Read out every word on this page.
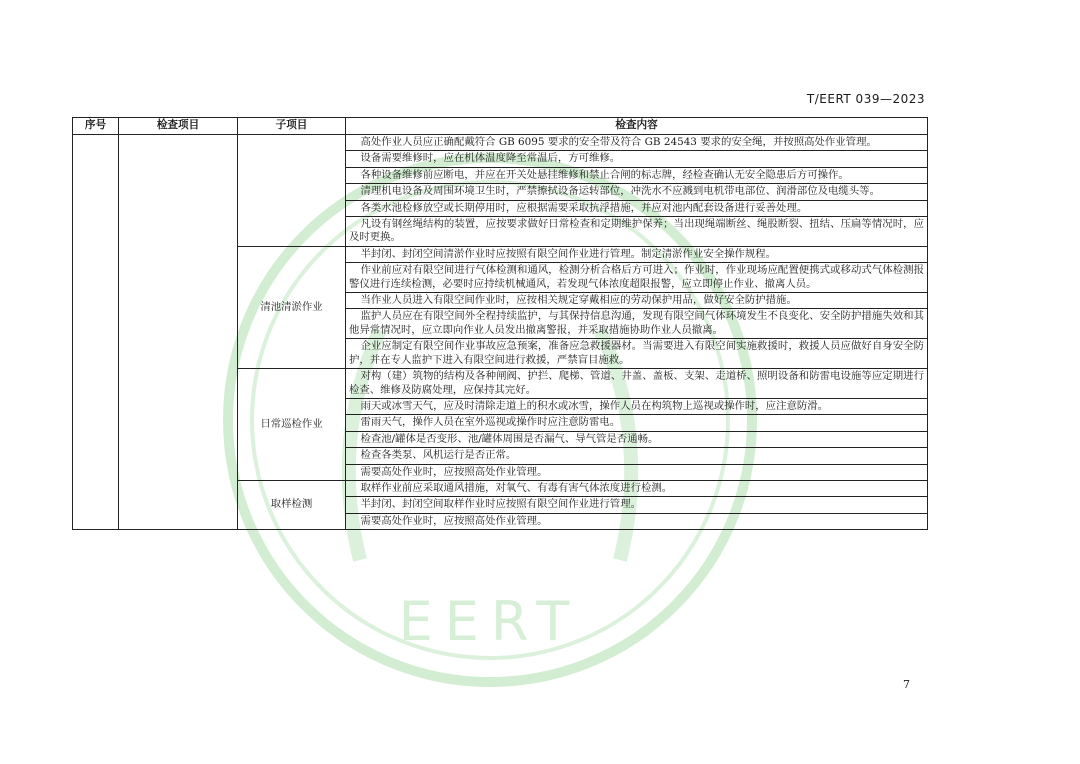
EERT
T/EERT 039—2023
序号	检查项目	子项目	检查内容
			高处作业人员应正确配戴符合 GB 6095 要求的安全带及符合 GB 24543 要求的安全绳，并按照高处作业管理。
			设备需要维修时，应在机体温度降至常温后，方可维修。
			各种设备维修前应断电，并应在开关处悬挂维修和禁止合闸的标志牌，经检查确认无安全隐患后方可操作。
			清理机电设备及周围环境卫生时，严禁擦拭设备运转部位，冲洗水不应溅到电机带电部位、润滑部位及电缆头等。
			各类水池检修放空或长期停用时，应根据需要采取抗浮措施，并应对池内配套设备进行妥善处理。
			凡设有钢丝绳结构的装置，应按要求做好日常检查和定期维护保养；当出现绳端断丝、绳股断裂、扭结、压扁等情况时，应及时更换。
		清池清淤作业	半封闭、封闭空间清淤作业时应按照有限空间作业进行管理。制定清淤作业安全操作规程。
			作业前应对有限空间进行气体检测和通风，检测分析合格后方可进入；作业时，作业现场应配置便携式或移动式气体检测报警仪进行连续检测，必要时应持续机械通风，若发现气体浓度超限报警，应立即停止作业、撤离人员。
			当作业人员进入有限空间作业时，应按相关规定穿戴相应的劳动保护用品，做好安全防护措施。
			监护人员应在有限空间外全程持续监护，与其保持信息沟通，发现有限空间气体环境发生不良变化、安全防护措施失效和其他异常情况时，应立即向作业人员发出撤离警报，并采取措施协助作业人员撤离。
			企业应制定有限空间作业事故应急预案，准备应急救援器材。当需要进入有限空间实施救援时，救援人员应做好自身安全防护，并在专人监护下进入有限空间进行救援，严禁盲目施救。
		日常巡检作业	对构（建）筑物的结构及各种闸阀、护拦、爬梯、管道、井盖、盖板、支架、走道桥、照明设备和防雷电设施等应定期进行检查、维修及防腐处理，应保持其完好。
			雨天或冰雪天气，应及时清除走道上的积水或冰雪，操作人员在构筑物上巡视或操作时，应注意防滑。
			雷雨天气，操作人员在室外巡视或操作时应注意防雷电。
			检查池/罐体是否变形、池/罐体周围是否漏气、导气管是否通畅。
			检查各类泵、风机运行是否正常。
			需要高处作业时，应按照高处作业管理。
		取样检测	取样作业前应采取通风措施，对氧气、有毒有害气体浓度进行检测。
			半封闭、封闭空间取样作业时应按照有限空间作业进行管理。
			需要高处作业时，应按照高处作业管理。
7
